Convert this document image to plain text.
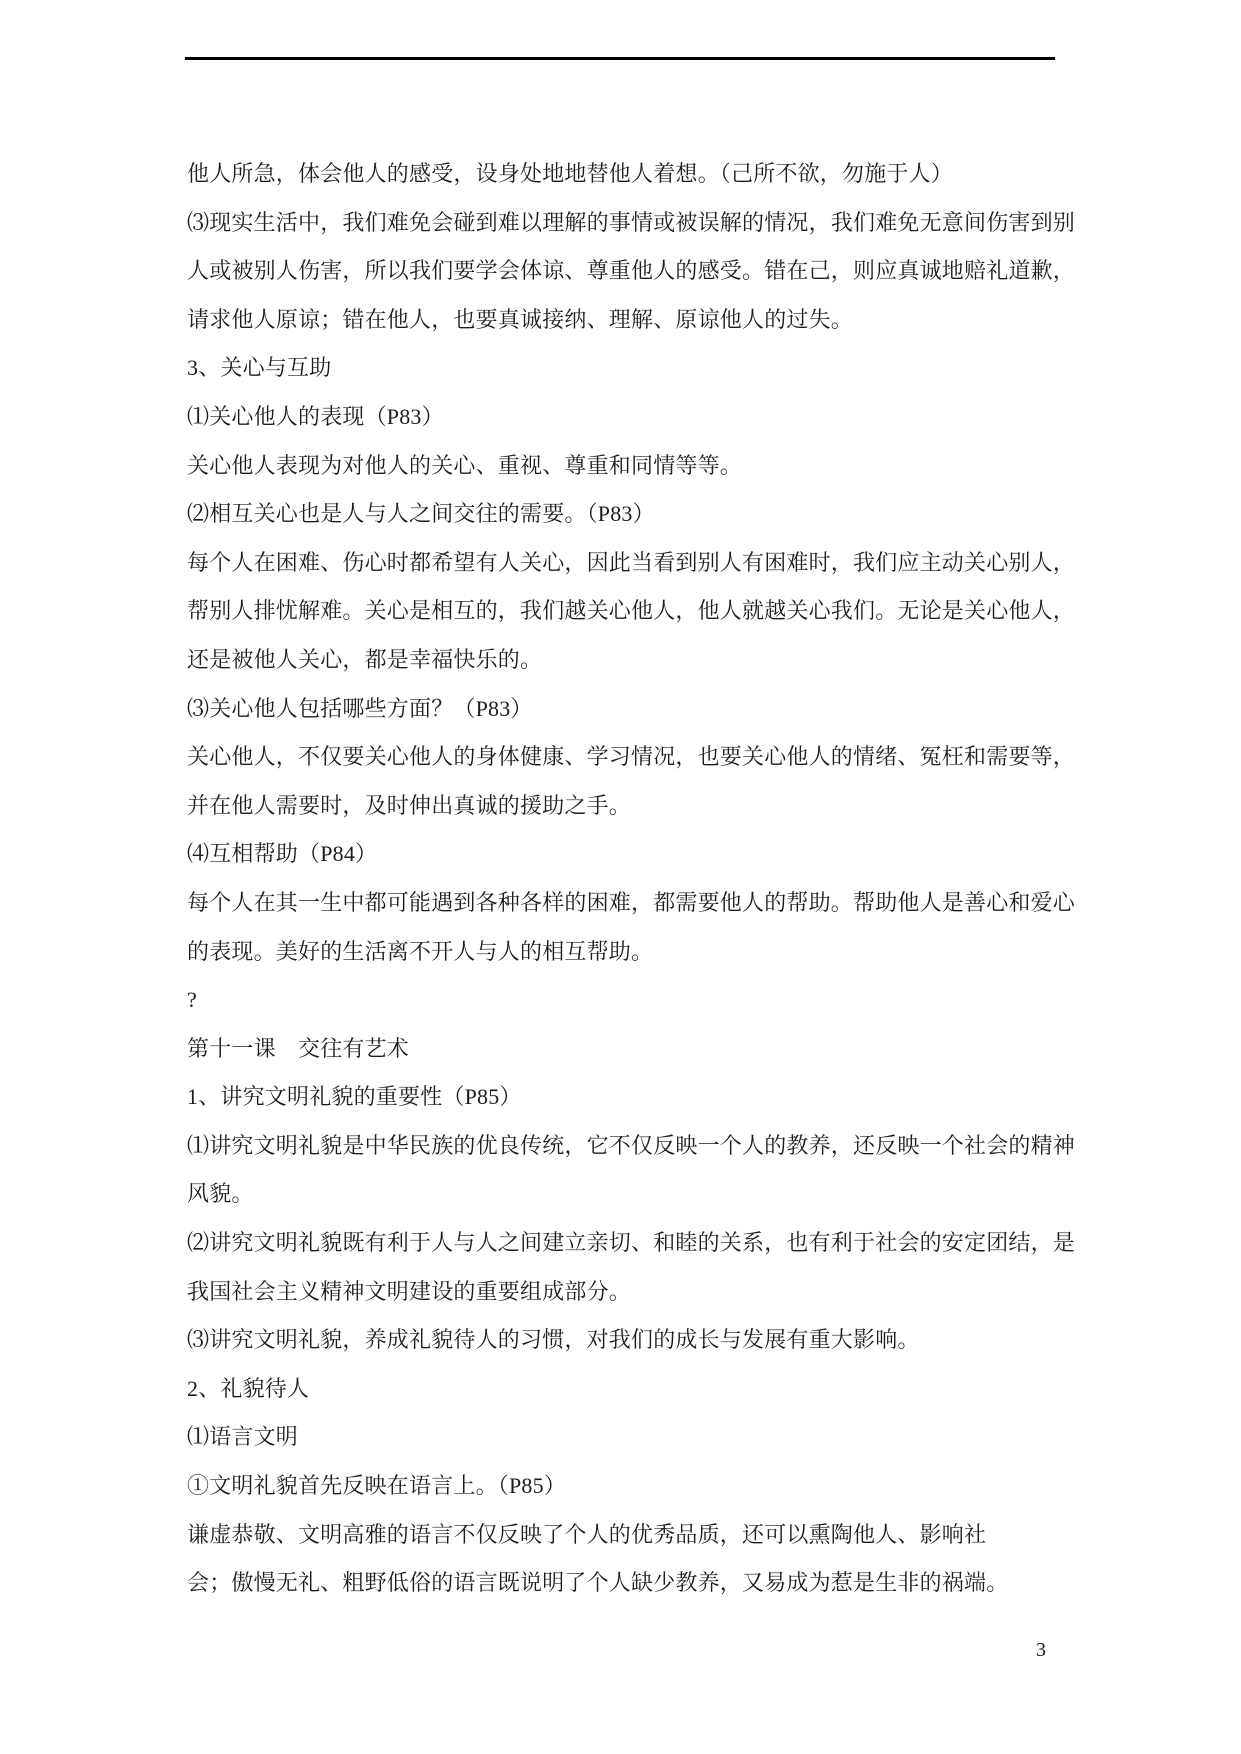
他人所急，体会他人的感受，设身处地地替他人着想。（己所不欲，勿施于人）
⑶现实生活中，我们难免会碰到难以理解的事情或被误解的情况，我们难免无意间伤害到别
人或被别人伤害，所以我们要学会体谅、尊重他人的感受。错在己，则应真诚地赔礼道歉，
请求他人原谅；错在他人，也要真诚接纳、理解、原谅他人的过失。
3、关心与互助
⑴关心他人的表现（P83）
关心他人表现为对他人的关心、重视、尊重和同情等等。
⑵相互关心也是人与人之间交往的需要。（P83）
每个人在困难、伤心时都希望有人关心，因此当看到别人有困难时，我们应主动关心别人，
帮别人排忧解难。关心是相互的，我们越关心他人，他人就越关心我们。无论是关心他人，
还是被他人关心，都是幸福快乐的。
⑶关心他人包括哪些方面？（P83）
关心他人，不仅要关心他人的身体健康、学习情况，也要关心他人的情绪、冤枉和需要等，
并在他人需要时，及时伸出真诚的援助之手。
⑷互相帮助（P84）
每个人在其一生中都可能遇到各种各样的困难，都需要他人的帮助。帮助他人是善心和爱心
的表现。美好的生活离不开人与人的相互帮助。
?
第十一课　交往有艺术
1、讲究文明礼貌的重要性（P85）
⑴讲究文明礼貌是中华民族的优良传统，它不仅反映一个人的教养，还反映一个社会的精神
风貌。
⑵讲究文明礼貌既有利于人与人之间建立亲切、和睦的关系，也有利于社会的安定团结，是
我国社会主义精神文明建设的重要组成部分。
⑶讲究文明礼貌，养成礼貌待人的习惯，对我们的成长与发展有重大影响。
2、礼貌待人
⑴语言文明
①文明礼貌首先反映在语言上。（P85）
谦虚恭敬、文明高雅的语言不仅反映了个人的优秀品质，还可以熏陶他人、影响社
会；傲慢无礼、粗野低俗的语言既说明了个人缺少教养，又易成为惹是生非的祸端。
3
